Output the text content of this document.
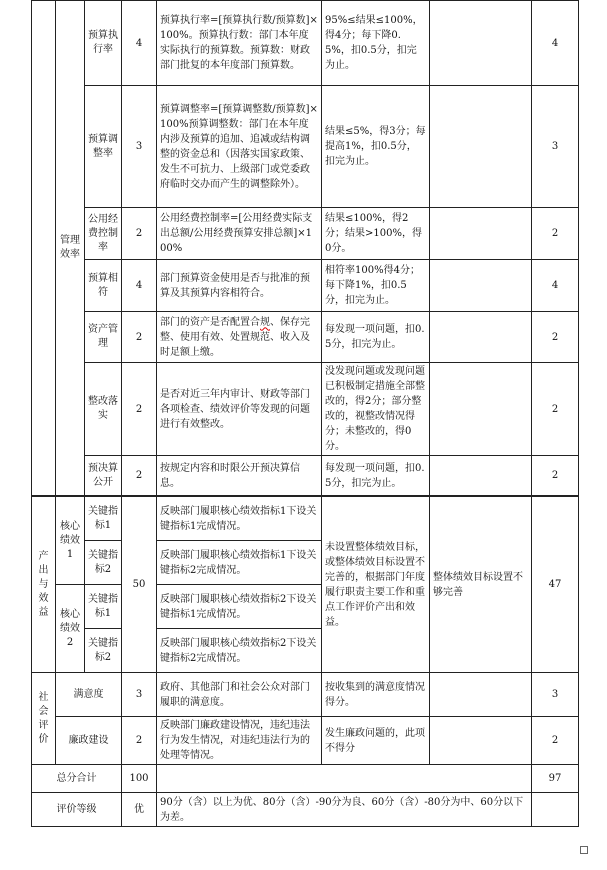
	管理效率	预算执行率	4	预算执行率=[预算执行数/预算数]×100%。预算执行数：部门本年度实际执行的预算数。预算数：财政部门批复的本年度部门预算数。	95%≤结果≤100%，得4分；每下降0.5%，扣0.5分，扣完为止。		4
		预算调整率	3	预算调整率=[预算调整数/预算数]×100%预算调整数：部门在本年度内涉及预算的追加、追减或结构调整的资金总和（因落实国家政策、发生不可抗力、上级部门或党委政府临时交办而产生的调整除外）。	结果≤5%，得3分；每提高1%，扣0.5分，扣完为止。		3
		公用经费控制率	2	公用经费控制率=[公用经费实际支出总额/公用经费预算安排总额]×100%	结果≤100%，得2分；结果>100%，得0分。		2
		预算相符	4	部门预算资金使用是否与批准的预算及其预算内容相符合。	相符率100%得4分；每下降1%，扣0.5分，扣完为止。		4
		资产管理	2	部门的资产是否配置合规、保存完整、使用有效、处置规范、收入及时足额上缴。	每发现一项问题，扣0.5分，扣完为止。		2
		整改落实	2	是否对近三年内审计、财政等部门各项检查、绩效评价等发现的问题进行有效整改。	没发现问题或发现问题已积极制定措施全部整改的，得2分；部分整改的，视整改情况得分；未整改的，得0分。		2
		预决算公开	2	按规定内容和时限公开预决算信息。	每发现一项问题，扣0.5分，扣完为止。		2
产出与效益	核心绩效1	关键指标1	50	反映部门履职核心绩效指标1下设关键指标1完成情况。	未设置整体绩效目标，或整体绩效目标设置不完善的，根据部门年度履行职责主要工作和重点工作评价产出和效益。	整体绩效目标设置不够完善	47
		关键指标2		反映部门履职核心绩效指标1下设关键指标2完成情况。			
	核心绩效2	关键指标1		反映部门履职核心绩效指标2下设关键指标1完成情况。			
		关键指标2		反映部门履职核心绩效指标2下设关键指标2完成情况。			
社会评价	满意度		3	政府、其他部门和社会公众对部门履职的满意度。	按收集到的满意度情况得分。		3
	廉政建设		2	反映部门廉政建设情况，违纪违法行为发生情况，对违纪违法行为的处理等情况。	发生廉政问题的，此项不得分		2
总分合计			100				97
评价等级			优	90分（含）以上为优、80分（含）-90分为良、60分（含）-80分为中、60分以下为差。			
